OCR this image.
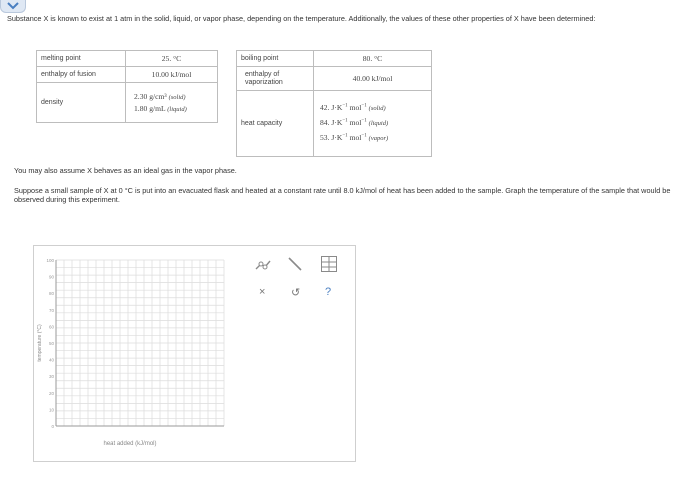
Substance X is known to exist at 1 atm in the solid, liquid, or vapor phase, depending on the temperature. Additionally, the values of these other properties of X have been determined:
melting point	25. °C
enthalpy of fusion	10.00 kJ/mol
density	2.30 g/cm³ (solid)
1.80 g/mL (liquid)
boiling point	80. °C
enthalpy of vaporization	40.00 kJ/mol
heat capacity	42. $J\cdot K^{-1}$ mol$^{-1}$ (solid)
84. $J\cdot K^{-1}$ mol$^{-1}$ (liquid)
53. $J\cdot K^{-1}$ mol$^{-1}$ (vapor)
You may also assume X behaves as an ideal gas in the vapor phase.
Suppose a small sample of X at 0 °C is put into an evacuated flask and heated at a constant rate until 8.0 kJ/mol of heat has been added to the sample. Graph the temperature of the sample that would be observed during this experiment.
100
90
80
70
60
50
40
30
20
10
0
temperature (°C)
heat added (kJ/mol)
× ↺ ?
